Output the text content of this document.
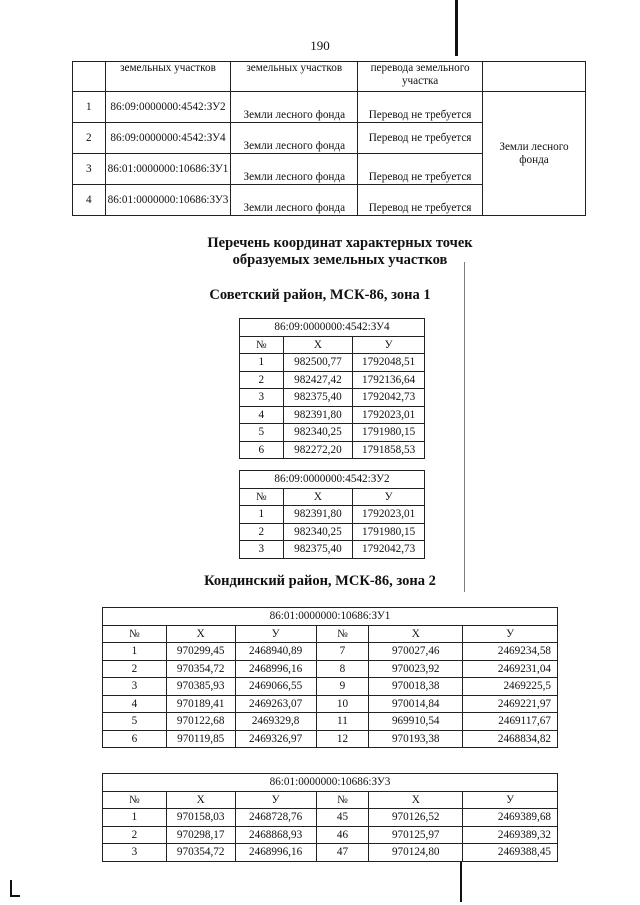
190
	земельных участков	земельных участков	перевода земельного участка	
1	86:09:0000000:4542:ЗУ2	Земли лесного фонда	Перевод не требуется	Земли лесного фонда
2	86:09:0000000:4542:ЗУ4	Земли лесного фонда	Перевод не требуется	
3	86:01:0000000:10686:ЗУ1	Земли лесного фонда	Перевод не требуется	
4	86:01:0000000:10686:ЗУ3	Земли лесного фонда	Перевод не требуется	
Перечень координат характерных точек
образуемых земельных участков
Советский район, МСК-86, зона 1
86:09:0000000:4542:ЗУ4		
№	X	У
1	982500,77	1792048,51
2	982427,42	1792136,64
3	982375,40	1792042,73
4	982391,80	1792023,01
5	982340,25	1791980,15
6	982272,20	1791858,53
86:09:0000000:4542:ЗУ2		
№	X	У
1	982391,80	1792023,01
2	982340,25	1791980,15
3	982375,40	1792042,73
Кондинский район, МСК-86, зона 2
86:01:0000000:10686:ЗУ1					
№	X	У	№	X	У
1	970299,45	2468940,89	7	970027,46	2469234,58
2	970354,72	2468996,16	8	970023,92	2469231,04
3	970385,93	2469066,55	9	970018,38	2469225,5
4	970189,41	2469263,07	10	970014,84	2469221,97
5	970122,68	2469329,8	11	969910,54	2469117,67
6	970119,85	2469326,97	12	970193,38	2468834,82
86:01:0000000:10686:ЗУ3					
№	X	У	№	X	У
1	970158,03	2468728,76	45	970126,52	2469389,68
2	970298,17	2468868,93	46	970125,97	2469389,32
3	970354,72	2468996,16	47	970124,80	2469388,45
